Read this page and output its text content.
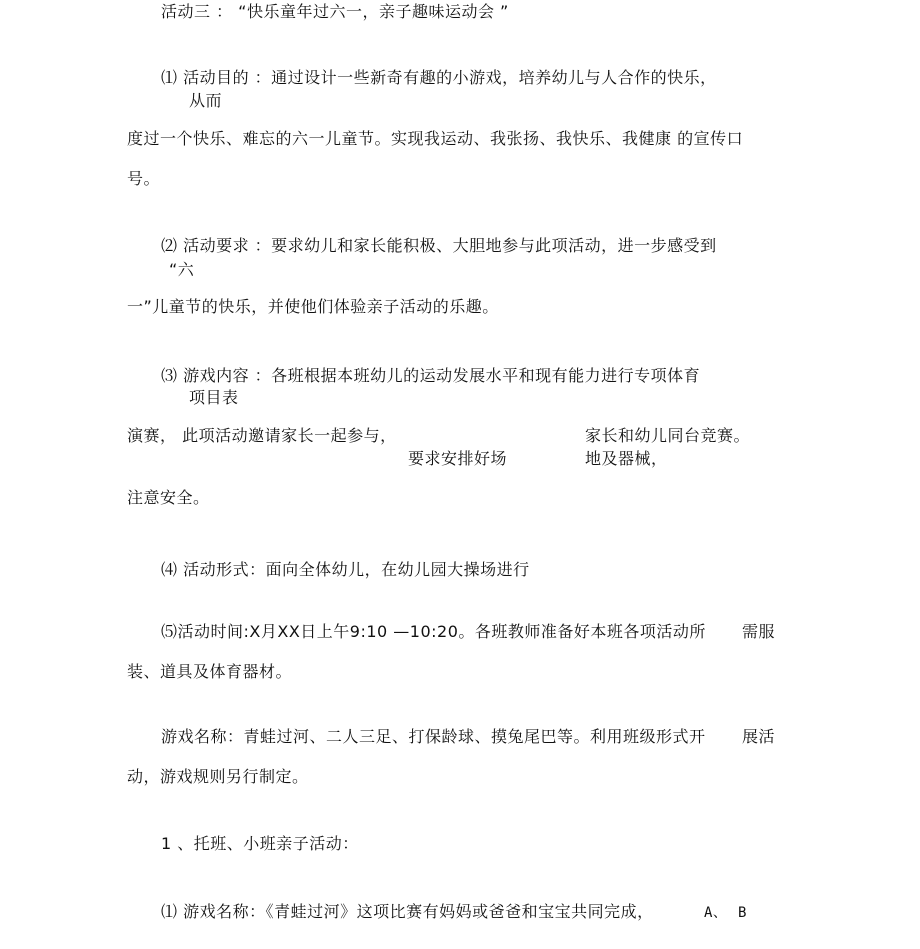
活动三 ： “快乐童年过六一，亲子趣味运动会 ”
⑴ 活动目的 ：通过设计一些新奇有趣的小游戏，培养幼儿与人合作的快乐，
从而
度过一个快乐、难忘的六一儿童节。实现我运动、我张扬、我快乐、我健康 的宣传口
号。
⑵ 活动要求 ：要求幼儿和家长能积极、大胆地参与此项活动，进一步感受到
“六
一”儿童节的快乐，并使他们体验亲子活动的乐趣。
⑶ 游戏内容 ：各班根据本班幼儿的运动发展水平和现有能力进行专项体育
项目表
演赛， 此项活动邀请家长一起参与，	家长和幼儿同台竞赛。
要求安排好场	地及器械，
注意安全。
⑷ 活动形式：面向全体幼儿，在幼儿园大操场进行
⑸活动时间:X月XX日上午9:10 —10:20。各班教师准备好本班各项活动所 需服
装、道具及体育器材。
游戏名称：青蛙过河、二人三足、打保龄球、摸兔尾巴等。利用班级形式开 展活
动，游戏规则另行制定。
1 、托班、小班亲子活动：
⑴ 游戏名称：《青蛙过河》这项比赛有妈妈或爸爸和宝宝共同完成，	A、 B
